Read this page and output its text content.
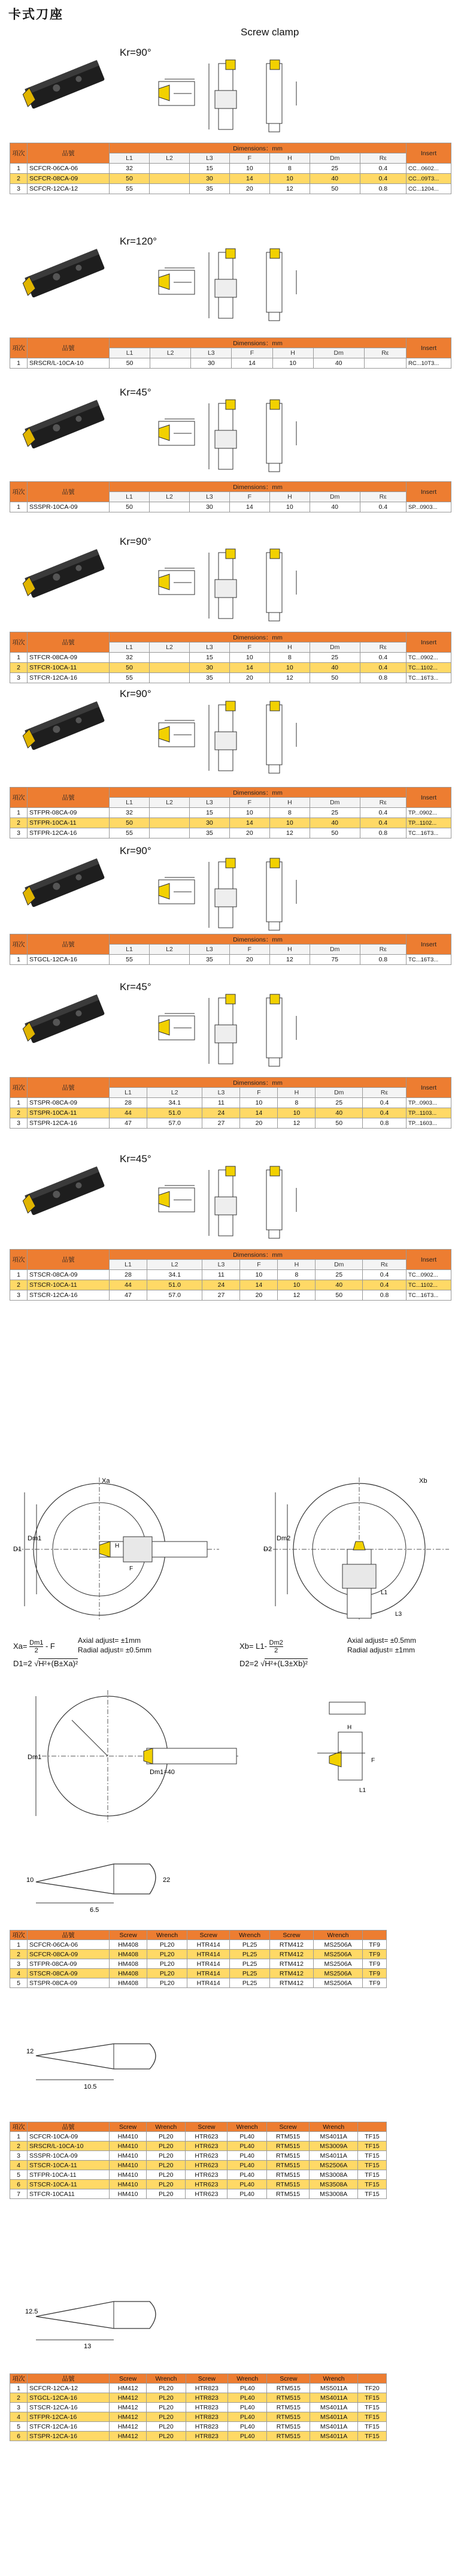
卡式刀座
Screw clamp
Kr=90°
項次	品號	Dimensions：mm							Insert
		L1	L2	L3	F	H	Dm	Rε	
1	SCFCR-06CA-06	32		15	10	8	25	0.4	CC...0602...
2	SCFCR-08CA-09	50		30	14	10	40	0.4	CC...09T3...
3	SCFCR-12CA-12	55		35	20	12	50	0.8	CC...1204...
Kr=120°
項次	品號	Dimensions：mm							Insert
		L1	L2	L3	F	H	Dm	Rε	
1	SRSCR/L-10CA-10	50		30	14	10	40		RC...10T3...
Kr=45°
項次	品號	Dimensions：mm							Insert
		L1	L2	L3	F	H	Dm	Rε	
1	SSSPR-10CA-09	50		30	14	10	40	0.4	SP...0903...
Kr=90°
項次	品號	Dimensions：mm							Insert
		L1	L2	L3	F	H	Dm	Rε	
1	STFCR-08CA-09	32		15	10	8	25	0.4	TC...0902...
2	STFCR-10CA-11	50		30	14	10	40	0.4	TC...1102...
3	STFCR-12CA-16	55		35	20	12	50	0.8	TC...16T3...
Kr=90°
項次	品號	Dimensions：mm							Insert
		L1	L2	L3	F	H	Dm	Rε	
1	STFPR-08CA-09	32		15	10	8	25	0.4	TP...0902...
2	STFPR-10CA-11	50		30	14	10	40	0.4	TP...1102...
3	STFPR-12CA-16	55		35	20	12	50	0.8	TC...16T3...
Kr=90°
項次	品號	Dimensions：mm							Insert
		L1	L2	L3	F	H	Dm	Rε	
1	STGCL-12CA-16	55		35	20	12	75	0.8	TC...16T3...
Kr=45°
項次	品號	Dimensions：mm							Insert
		L1	L2	L3	F	H	Dm	Rε	
1	STSPR-08CA-09	28	34.1	11	10	8	25	0.4	TP...0903...
2	STSPR-10CA-11	44	51.0	24	14	10	40	0.4	TP...1103...
3	STSPR-12CA-16	47	57.0	27	20	12	50	0.8	TP...1603...
Kr=45°
項次	品號	Dimensions：mm							Insert
		L1	L2	L3	F	H	Dm	Rε	
1	STSCR-08CA-09	28	34.1	11	10	8	25	0.4	TC...0902...
2	STSCR-10CA-11	44	51.0	24	14	10	40	0.4	TC...1102...
3	STSCR-12CA-16	47	57.0	27	20	12	50	0.8	TC...16T3...
D1
Dm1
Xa
H
F
D2
Dm2
Xb
L1
L3
$Xa= \frac{Dm1}{2} - F$
Axial adjust= ±1mm
Radial adjust= ±0.5mm
D1=2 √H²+(B±Xa)²
$Xb= L1- \frac{Dm2}{2}$	Axial adjust= ±0.5mm
Radial adjust= ±1mm
D2=2 √H²+(L3±Xb)²
Dm1
Dm1=40
H
F
L1
6.5
10	22
10.5
12
13
12.5
項次	品號	Screw	Wrench	Screw	Wrench	Screw	Wrench	
1	SCFCR-06CA-06	HM408	PL20	HTR414	PL25	RTM412	MS2506A	TF9
2	SCFCR-08CA-09	HM408	PL20	HTR414	PL25	RTM412	MS2506A	TF9
3	STFPR-08CA-09	HM408	PL20	HTR414	PL25	RTM412	MS2506A	TF9
4	STSCR-08CA-09	HM408	PL20	HTR414	PL25	RTM412	MS2506A	TF9
5	STSPR-08CA-09	HM408	PL20	HTR414	PL25	RTM412	MS2506A	TF9
項次	品號	Screw	Wrench	Screw	Wrench	Screw	Wrench	
1	SCFCR-10CA-09	HM410	PL20	HTR623	PL40	RTM515	MS4011A	TF15
2	SRSCR/L-10CA-10	HM410	PL20	HTR623	PL40	RTM515	MS3009A	TF15
3	SSSPR-10CA-09	HM410	PL20	HTR623	PL40	RTM515	MS4011A	TF15
4	STSCR-10CA-11	HM410	PL20	HTR623	PL40	RTM515	MS2506A	TF15
5	STFPR-10CA-11	HM410	PL20	HTR623	PL40	RTM515	MS3008A	TF15
6	STSCR-10CA-11	HM410	PL20	HTR623	PL40	RTM515	MS3508A	TF15
7	STFCR-10CA11	HM410	PL20	HTR623	PL40	RTM515	MS3008A	TF15
項次	品號	Screw	Wrench	Screw	Wrench	Screw	Wrench	
1	SCFCR-12CA-12	HM412	PL20	HTR823	PL40	RTM515	MS5011A	TF20
2	STGCL-12CA-16	HM412	PL20	HTR823	PL40	RTM515	MS4011A	TF15
3	STSCR-12CA-16	HM412	PL20	HTR823	PL40	RTM515	MS4011A	TF15
4	STFPR-12CA-16	HM412	PL20	HTR823	PL40	RTM515	MS4011A	TF15
5	STFCR-12CA-16	HM412	PL20	HTR823	PL40	RTM515	MS4011A	TF15
6	STSPR-12CA-16	HM412	PL20	HTR823	PL40	RTM515	MS4011A	TF15
